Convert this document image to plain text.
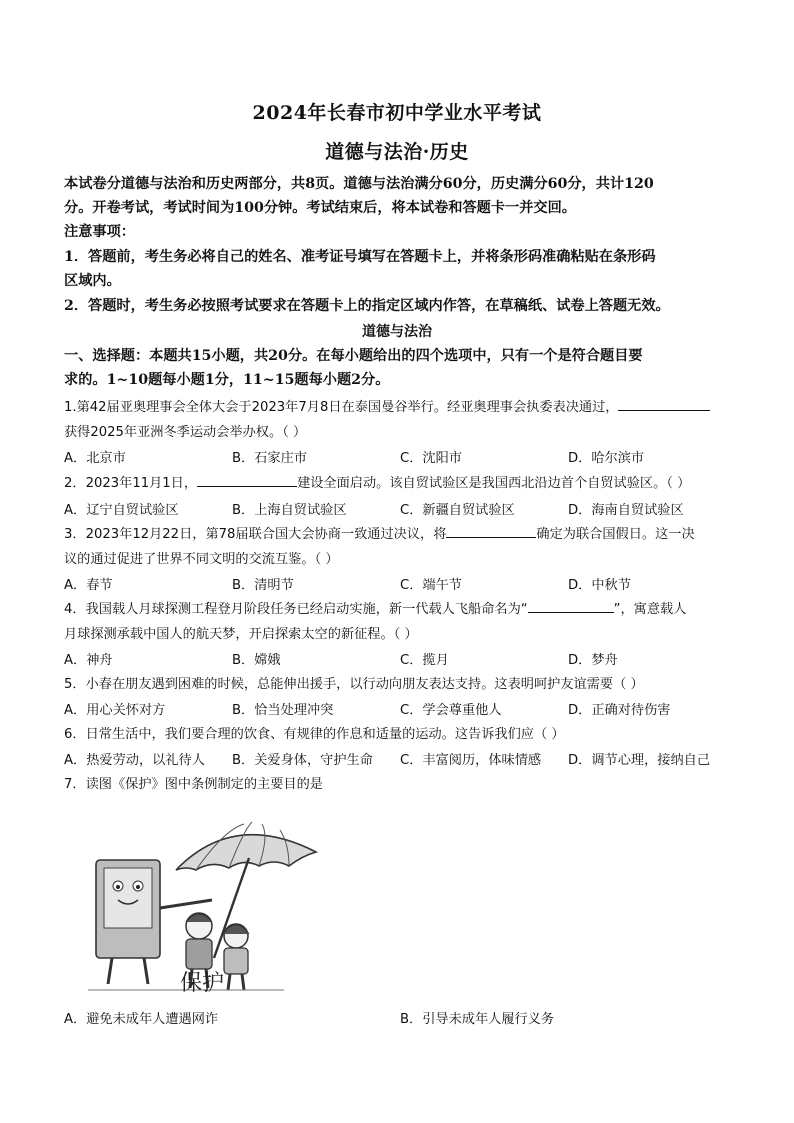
2024年长春市初中学业水平考试
道德与法治·历史
本试卷分道德与法治和历史两部分，共8页。道德与法治满分60分，历史满分60分，共计120
分。开卷考试，考试时间为100分钟。考试结束后，将本试卷和答题卡一并交回。
注意事项：
1．答题前，考生务必将自己的姓名、准考证号填写在答题卡上，并将条形码准确粘贴在条形码
区域内。
2．答题时，考生务必按照考试要求在答题卡上的指定区域内作答，在草稿纸、试卷上答题无效。
道德与法治
一、选择题：本题共15小题，共20分。在每小题给出的四个选项中，只有一个是符合题目要
求的。1~10题每小题1分，11~15题每小题2分。
1.第42届亚奥理事会全体大会于2023年7月8日在泰国曼谷举行。经亚奥理事会执委表决通过，
获得2025年亚洲冬季运动会举办权。（ ）
A．北京市	B．石家庄市	C．沈阳市	D．哈尔滨市
2．2023年11月1日，	建设全面启动。该自贸试验区是我国西北沿边首个自贸试验区。（ ）
A．辽宁自贸试验区	B．上海自贸试验区	C．新疆自贸试验区	D．海南自贸试验区
3．2023年12月22日，第78届联合国大会协商一致通过决议，将	确定为联合国假日。这一决
议的通过促进了世界不同文明的交流互鉴。（ ）
A．春节	B．清明节	C．端午节	D．中秋节
4．我国载人月球探测工程登月阶段任务已经启动实施，新一代载人飞船命名为“	”，寓意载人
月球探测承载中国人的航天梦，开启探索太空的新征程。（ ）
A．神舟	B．嫦娥	C．揽月	D．梦舟
5．小春在朋友遇到困难的时候，总能伸出援手，以行动向朋友表达支持。这表明呵护友谊需要（ ）
A．用心关怀对方	B．恰当处理冲突	C．学会尊重他人	D．正确对待伤害
6．日常生活中，我们要合理的饮食、有规律的作息和适量的运动。这告诉我们应（ ）
A．热爱劳动，以礼待人 B．关爱身体，守护生命 C．丰富阅历，体味情感 D．调节心理，接纳自己
7．读图《保护》图中条例制定的主要目的是
保护
A．避免未成年人遭遇网诈	B．引导未成年人履行义务
